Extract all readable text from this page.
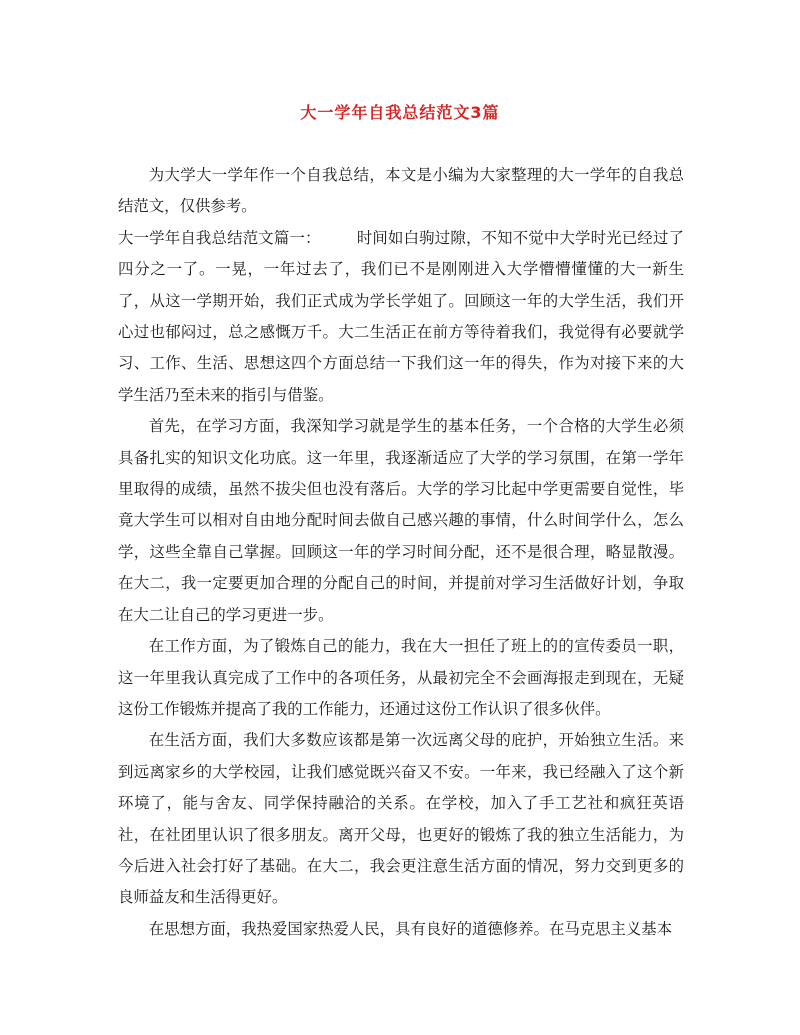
大一学年自我总结范文3篇

为大学大一学年作一个自我总结，本文是小编为大家整理的大一学年的自我总结范文，仅供参考。

大一学年自我总结范文篇一： 时间如白驹过隙，不知不觉中大学时光已经过了四分之一了。一晃，一年过去了，我们已不是刚刚进入大学懵懵懂懂的大一新生了，从这一学期开始，我们正式成为学长学姐了。回顾这一年的大学生活，我们开心过也郁闷过，总之感慨万千。大二生活正在前方等待着我们，我觉得有必要就学习、工作、生活、思想这四个方面总结一下我们这一年的得失，作为对接下来的大学生活乃至未来的指引与借鉴。

首先，在学习方面，我深知学习就是学生的基本任务，一个合格的大学生必须具备扎实的知识文化功底。这一年里，我逐渐适应了大学的学习氛围，在第一学年里取得的成绩，虽然不拔尖但也没有落后。大学的学习比起中学更需要自觉性，毕竟大学生可以相对自由地分配时间去做自己感兴趣的事情，什么时间学什么，怎么学，这些全靠自己掌握。回顾这一年的学习时间分配，还不是很合理，略显散漫。在大二，我一定要更加合理的分配自己的时间，并提前对学习生活做好计划，争取在大二让自己的学习更进一步。

在工作方面，为了锻炼自己的能力，我在大一担任了班上的的宣传委员一职，这一年里我认真完成了工作中的各项任务，从最初完全不会画海报走到现在，无疑这份工作锻炼并提高了我的工作能力，还通过这份工作认识了很多伙伴。

在生活方面，我们大多数应该都是第一次远离父母的庇护，开始独立生活。来到远离家乡的大学校园，让我们感觉既兴奋又不安。一年来，我已经融入了这个新环境了，能与舍友、同学保持融洽的关系。在学校，加入了手工艺社和疯狂英语社，在社团里认识了很多朋友。离开父母，也更好的锻炼了我的独立生活能力，为今后进入社会打好了基础。在大二，我会更注意生活方面的情况，努力交到更多的良师益友和生活得更好。

在思想方面，我热爱国家热爱人民，具有良好的道德修养。在马克思主义基本
